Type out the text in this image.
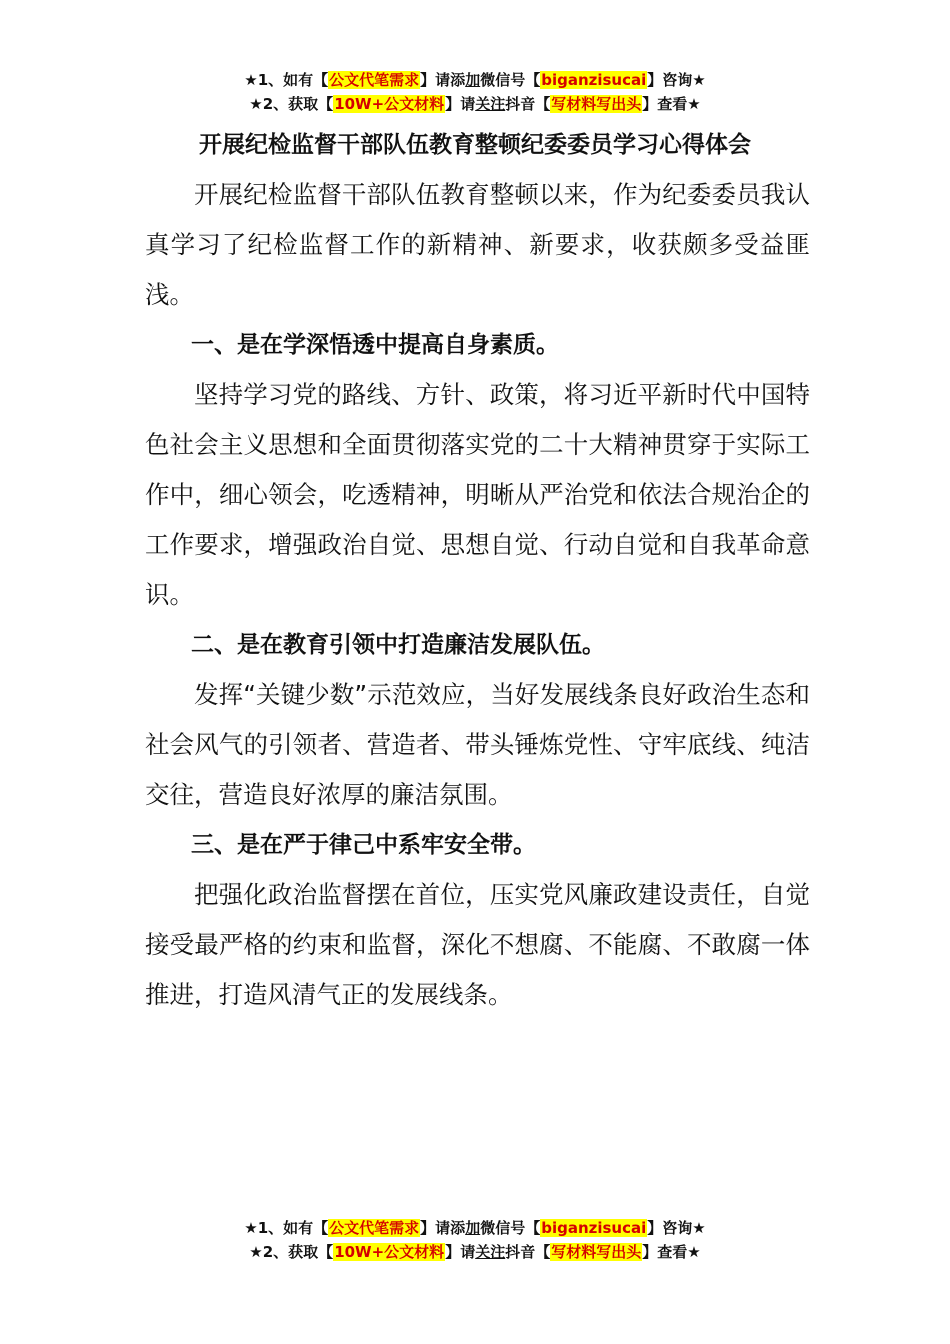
★1、如有【公文代笔需求】请添加微信号【biganzisucai】咨询★
★2、获取【10W+公文材料】请关注抖音【写材料写出头】查看★
开展纪检监督干部队伍教育整顿纪委委员学习心得体会

开展纪检监督干部队伍教育整顿以来，作为纪委委员我认真学习了纪检监督工作的新精神、新要求，收获颇多受益匪浅。

一、是在学深悟透中提高自身素质。

坚持学习党的路线、方针、政策，将习近平新时代中国特色社会主义思想和全面贯彻落实党的二十大精神贯穿于实际工作中，细心领会，吃透精神，明晰从严治党和依法合规治企的工作要求，增强政治自觉、思想自觉、行动自觉和自我革命意识。

二、是在教育引领中打造廉洁发展队伍。

发挥“关键少数”示范效应，当好发展线条良好政治生态和社会风气的引领者、营造者、带头锤炼党性、守牢底线、纯洁交往，营造良好浓厚的廉洁氛围。

三、是在严于律己中系牢安全带。

把强化政治监督摆在首位，压实党风廉政建设责任，自觉接受最严格的约束和监督，深化不想腐、不能腐、不敢腐一体推进，打造风清气正的发展线条。

★1、如有【公文代笔需求】请添加微信号【biganzisucai】咨询★
★2、获取【10W+公文材料】请关注抖音【写材料写出头】查看★
